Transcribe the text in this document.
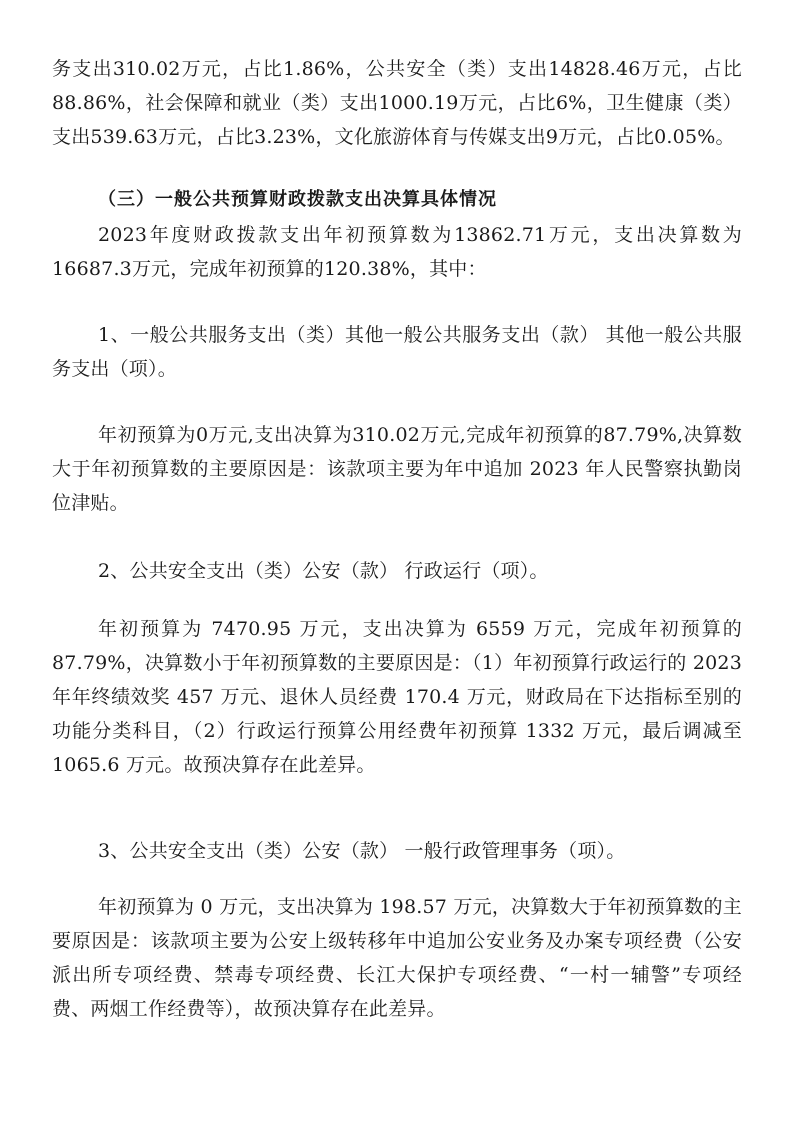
务支出310.02万元，占比1.86%，公共安全（类）支出14828.46万元，占比88.86%，社会保障和就业（类）支出1000.19万元，占比6%，卫生健康（类）支出539.63万元，占比3.23%，文化旅游体育与传媒支出9万元，占比0.05%。

（三）一般公共预算财政拨款支出决算具体情况

2023年度财政拨款支出年初预算数为13862.71万元，支出决算数为16687.3万元，完成年初预算的120.38%，其中：

1、一般公共服务支出（类）其他一般公共服务支出（款） 其他一般公共服务支出（项）。

年初预算为0万元,支出决算为310.02万元,完成年初预算的87.79%,决算数大于年初预算数的主要原因是：该款项主要为年中追加 2023 年人民警察执勤岗位津贴。

2、公共安全支出（类）公安（款） 行政运行（项）。

年初预算为 7470.95 万元，支出决算为 6559 万元，完成年初预算的87.79%，决算数小于年初预算数的主要原因是：（1）年初预算行政运行的 2023 年年终绩效奖 457 万元、退休人员经费 170.4 万元，财政局在下达指标至别的功能分类科目，（2）行政运行预算公用经费年初预算 1332 万元，最后调减至 1065.6 万元。故预决算存在此差异。

3、公共安全支出（类）公安（款） 一般行政管理事务（项）。

年初预算为 0 万元，支出决算为 198.57 万元，决算数大于年初预算数的主要原因是：该款项主要为公安上级转移年中追加公安业务及办案专项经费（公安派出所专项经费、禁毒专项经费、长江大保护专项经费、“一村一辅警”专项经费、两烟工作经费等），故预决算存在此差异。
